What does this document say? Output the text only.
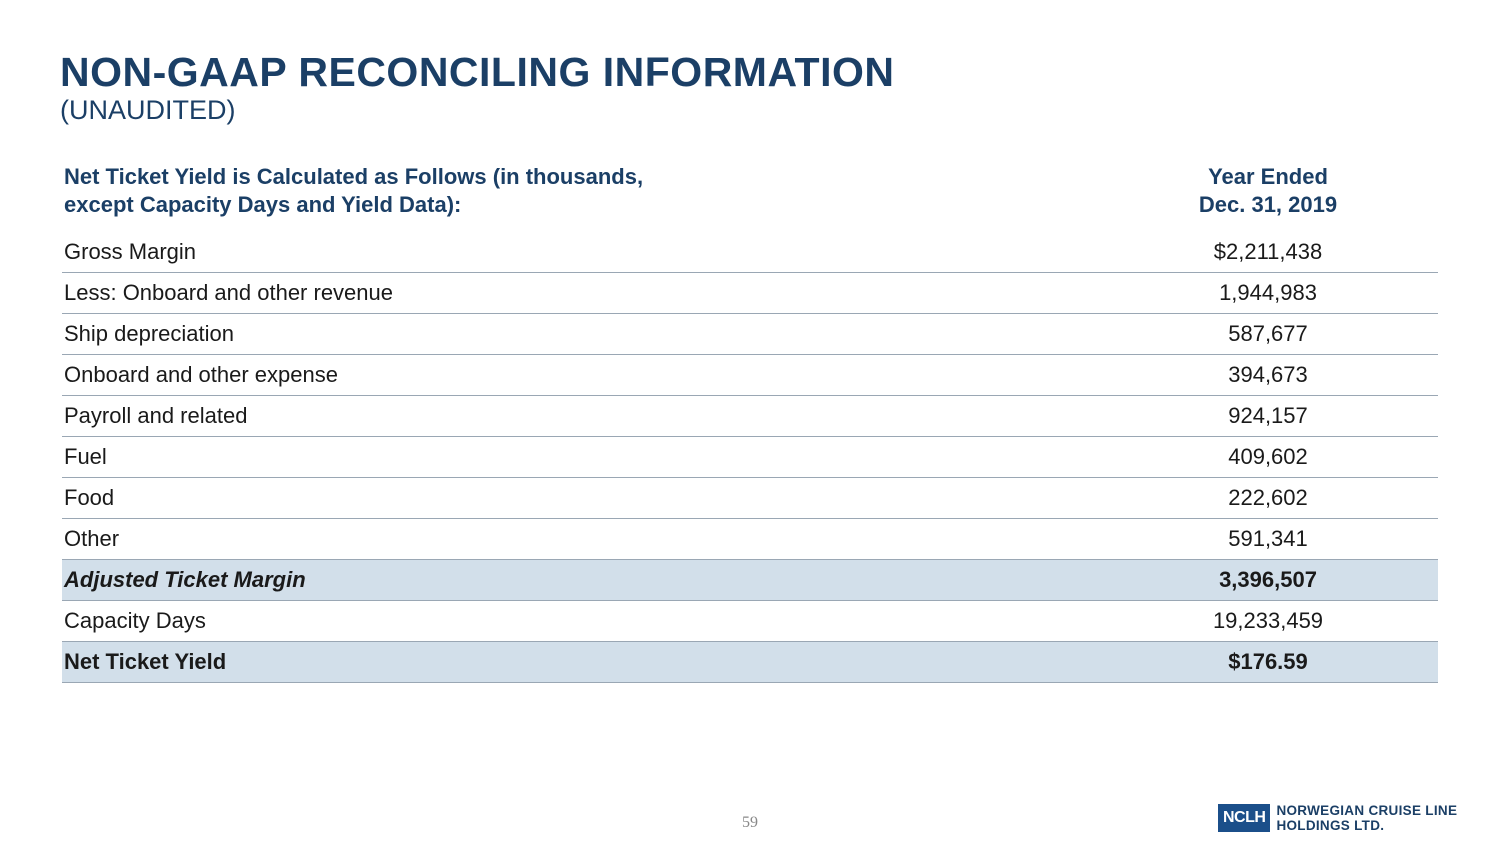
NON-GAAP RECONCILING INFORMATION
(UNAUDITED)
Net Ticket Yield is Calculated as Follows (in thousands,
except Capacity Days and Yield Data):
Year Ended
Dec. 31, 2019
Gross Margin	$2,211,438
Less: Onboard and other revenue	1,944,983
Ship depreciation	587,677
Onboard and other expense	394,673
Payroll and related	924,157
Fuel	409,602
Food	222,602
Other	591,341
Adjusted Ticket Margin	3,396,507
Capacity Days	19,233,459
Net Ticket Yield	$176.59
59	NCLH NORWEGIAN CRUISE LINE
HOLDINGS LTD.
